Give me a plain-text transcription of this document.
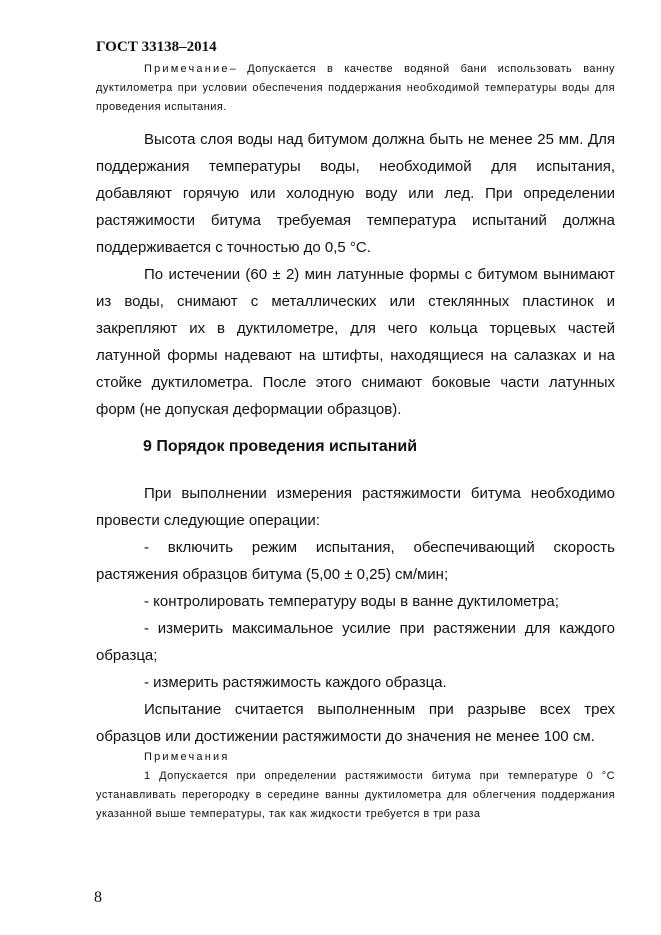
ГОСТ 33138–2014

Примечание– Допускается в качестве водяной бани использовать ванну дуктилометра при условии обеспечения поддержания необходимой температуры воды для проведения испытания.

Высота слоя воды над битумом должна быть не менее 25 мм. Для поддержания температуры воды, необходимой для испытания, добавляют горячую или холодную воду или лед. При определении растяжимости битума требуемая температура испытаний должна поддерживается с точностью до 0,5 °С.

По истечении (60 ± 2) мин латунные формы с битумом вынимают из воды, снимают с металлических или стеклянных пластинок и закрепляют их в дуктилометре, для чего кольца торцевых частей латунной формы надевают на штифты, находящиеся на салазках и на стойке дуктилометра. После этого снимают боковые части латунных форм (не допуская деформации образцов).

9 Порядок проведения испытаний

При выполнении измерения растяжимости битума необходимо провести следующие операции:

- включить режим испытания, обеспечивающий скорость растяжения образцов битума (5,00 ± 0,25) см/мин;

- контролировать температуру воды в ванне дуктилометра;

- измерить максимальное усилие при растяжении для каждого образца;

- измерить растяжимость каждого образца.

Испытание считается выполненным при разрыве всех трех образцов или достижении растяжимости до значения не менее 100 см.

Примечания

1 Допускается при определении растяжимости битума при температуре 0 °С устанавливать перегородку в середине ванны дуктилометра для облегчения поддержания указанной выше температуры, так как жидкости требуется в три раза

8
